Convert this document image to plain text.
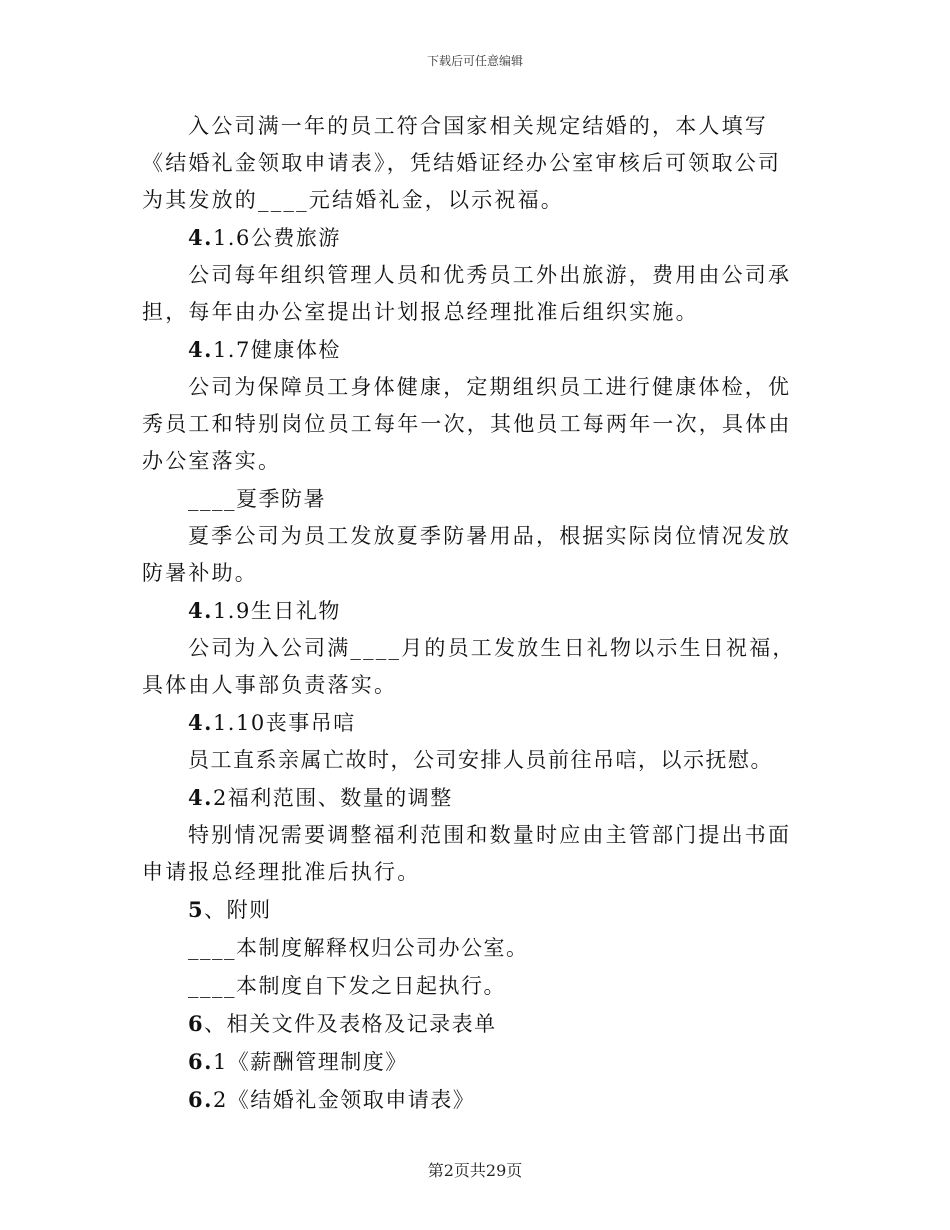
下载后可任意编辑

入公司满一年的员工符合国家相关规定结婚的，本人填写《结婚礼金领取申请表》，凭结婚证经办公室审核后可领取公司为其发放的____元结婚礼金，以示祝福。

4.1.6公费旅游

公司每年组织管理人员和优秀员工外出旅游，费用由公司承担，每年由办公室提出计划报总经理批准后组织实施。

4.1.7健康体检

公司为保障员工身体健康，定期组织员工进行健康体检，优秀员工和特别岗位员工每年一次，其他员工每两年一次，具体由办公室落实。

____夏季防暑

夏季公司为员工发放夏季防暑用品，根据实际岗位情况发放防暑补助。

4.1.9生日礼物

公司为入公司满____月的员工发放生日礼物以示生日祝福，具体由人事部负责落实。

4.1.10丧事吊唁

员工直系亲属亡故时，公司安排人员前往吊唁，以示抚慰。

4.2福利范围、数量的调整

特别情况需要调整福利范围和数量时应由主管部门提出书面申请报总经理批准后执行。

5、附则

____本制度解释权归公司办公室。

____本制度自下发之日起执行。

6、相关文件及表格及记录表单

6.1《薪酬管理制度》

6.2《结婚礼金领取申请表》

第2页共29页
